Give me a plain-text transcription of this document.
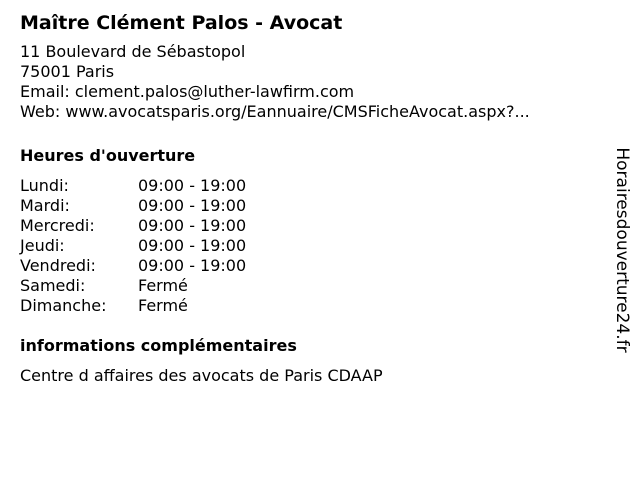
Maître Clément Palos - Avocat
11 Boulevard de Sébastopol
75001 Paris
Email: clement.palos@luther-lawfirm.com
Web: www.avocatsparis.org/Eannuaire/CMSFicheAvocat.aspx?...
Heures d'ouverture
Lundi:	09:00 - 19:00
Mardi:	09:00 - 19:00
Mercredi:	09:00 - 19:00
Jeudi:	09:00 - 19:00
Vendredi:	09:00 - 19:00
Samedi:	Fermé
Dimanche:	Fermé
informations complémentaires
Centre d affaires des avocats de Paris CDAAP
Horairesdouverture24.fr
